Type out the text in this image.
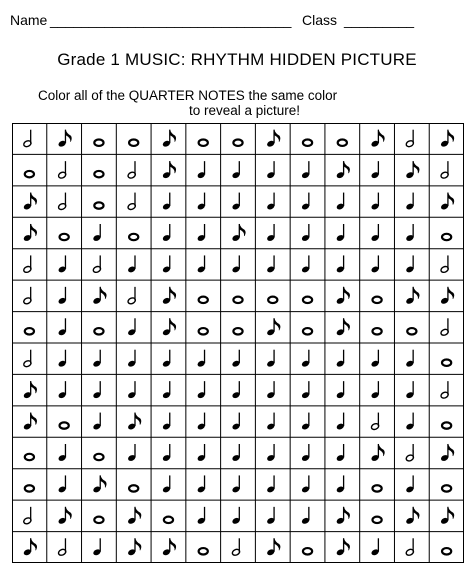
Name _______________________________ Class _________
Grade 1 MUSIC: RHYTHM HIDDEN PICTURE
Color all of the QUARTER NOTES the same color
to reveal a picture!
